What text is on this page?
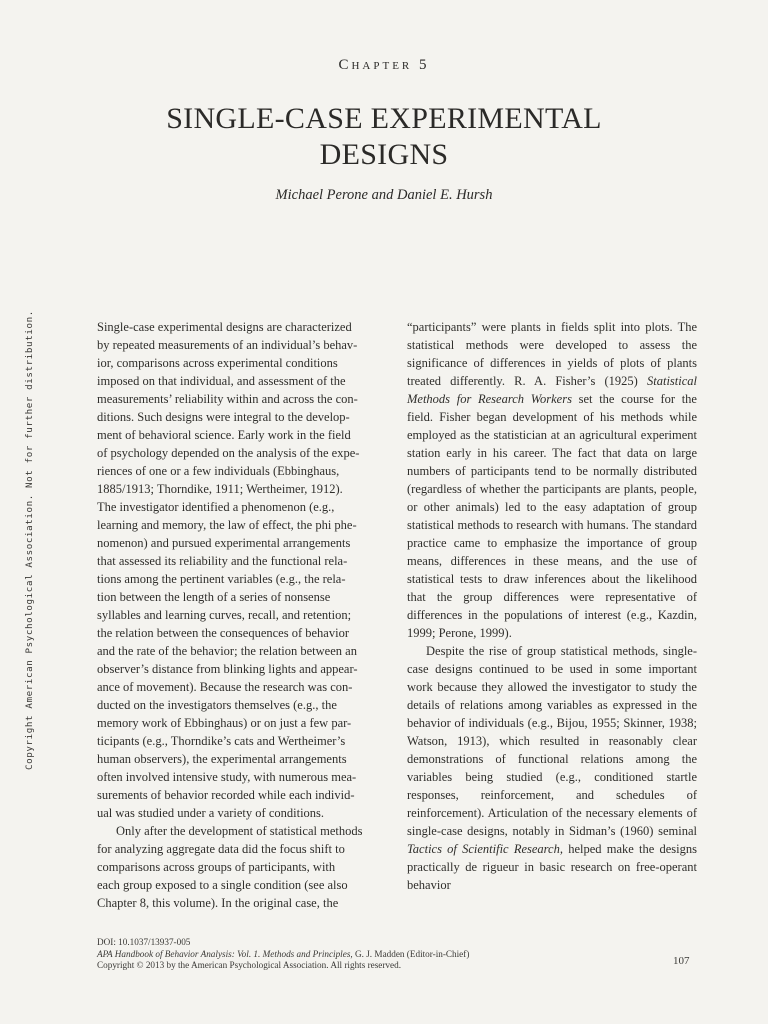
Chapter 5
SINGLE-CASE EXPERIMENTAL
DESIGNS
Michael Perone and Daniel E. Hursh
Copyright American Psychological Association. Not for further distribution.	Single-case experimental designs are characterized
by repeated measurements of an individual’s behav-
ior, comparisons across experimental conditions
imposed on that individual, and assessment of the
measurements’ reliability within and across the con-
ditions. Such designs were integral to the develop-
ment of behavioral science. Early work in the field
of psychology depended on the analysis of the expe-
riences of one or a few individuals (Ebbinghaus,
1885/1913; Thorndike, 1911; Wertheimer, 1912).
The investigator identified a phenomenon (e.g.,
learning and memory, the law of effect, the phi phe-
nomenon) and pursued experimental arrangements
that assessed its reliability and the functional rela-
tions among the pertinent variables (e.g., the rela-
tion between the length of a series of nonsense
syllables and learning curves, recall, and retention;
the relation between the consequences of behavior
and the rate of the behavior; the relation between an
observer’s distance from blinking lights and appear-
ance of movement). Because the research was con-
ducted on the investigators themselves (e.g., the
memory work of Ebbinghaus) or on just a few par-
ticipants (e.g., Thorndike’s cats and Wertheimer’s
human observers), the experimental arrangements
often involved intensive study, with numerous mea-
surements of behavior recorded while each individ-
ual was studied under a variety of conditions.

Only after the development of statistical methods
for analyzing aggregate data did the focus shift to
comparisons across groups of participants, with
each group exposed to a single condition (see also
Chapter 8, this volume). In the original case, the

“participants” were plants in fields split into plots. The statistical methods were developed to assess the significance of differences in yields of plots of plants treated differently. R. A. Fisher’s (1925) Statistical Methods for Research Workers set the course for the field. Fisher began development of his methods while employed as the statistician at an agricultural experiment station early in his career. The fact that data on large numbers of participants tend to be normally distributed (regardless of whether the participants are plants, people, or other animals) led to the easy adaptation of group statistical methods to research with humans. The standard practice came to emphasize the importance of group means, differences in these means, and the use of statistical tests to draw inferences about the likelihood that the group differences were representative of differences in the populations of interest (e.g., Kazdin, 1999; Perone, 1999).

Despite the rise of group statistical methods, single-case designs continued to be used in some important work because they allowed the investigator to study the details of relations among variables as expressed in the behavior of individuals (e.g., Bijou, 1955; Skinner, 1938; Watson, 1913), which resulted in reasonably clear demonstrations of functional relations among the variables being studied (e.g., conditioned startle responses, reinforcement, and schedules of reinforcement). Articulation of the necessary elements of single-case designs, notably in Sidman’s (1960) seminal Tactics of Scientific Research, helped make the designs practically de rigueur in basic research on free-operant behavior

DOI: 10.1037/13937-005
APA Handbook of Behavior Analysis: Vol. 1. Methods and Principles, G. J. Madden (Editor-in-Chief)
Copyright © 2013 by the American Psychological Association. All rights reserved.	107
